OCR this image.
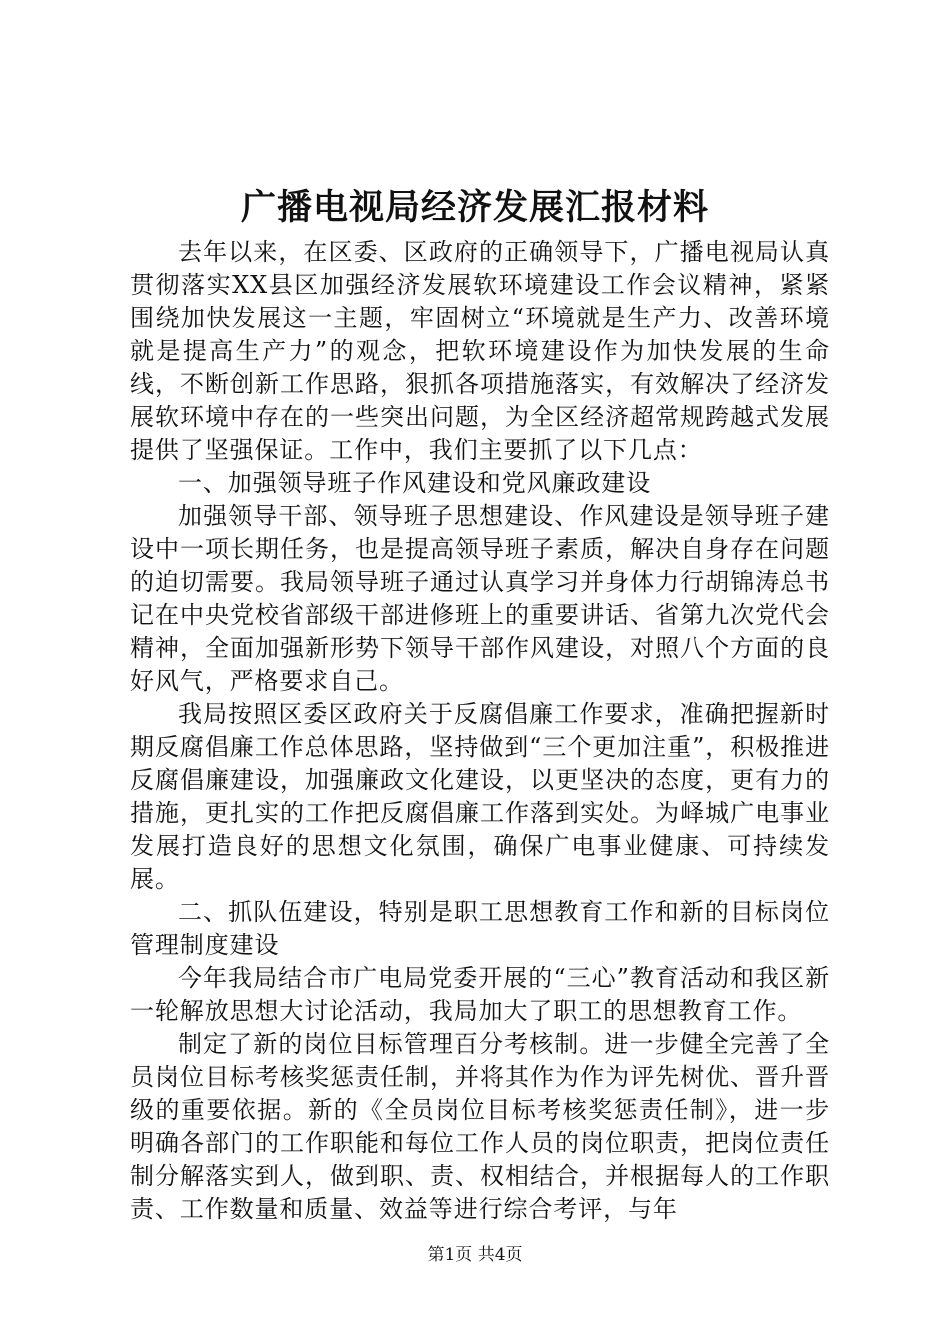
广播电视局经济发展汇报材料

去年以来，在区委、区政府的正确领导下，广播电视局认真贯彻落实XX县区加强经济发展软环境建设工作会议精神，紧紧围绕加快发展这一主题，牢固树立“环境就是生产力、改善环境就是提高生产力”的观念，把软环境建设作为加快发展的生命线，不断创新工作思路，狠抓各项措施落实，有效解决了经济发展软环境中存在的一些突出问题，为全区经济超常规跨越式发展提供了坚强保证。工作中，我们主要抓了以下几点：

一、加强领导班子作风建设和党风廉政建设

加强领导干部、领导班子思想建设、作风建设是领导班子建设中一项长期任务，也是提高领导班子素质，解决自身存在问题的迫切需要。我局领导班子通过认真学习并身体力行胡锦涛总书记在中央党校省部级干部进修班上的重要讲话、省第九次党代会精神，全面加强新形势下领导干部作风建设，对照八个方面的良好风气，严格要求自己。

我局按照区委区政府关于反腐倡廉工作要求，准确把握新时期反腐倡廉工作总体思路，坚持做到“三个更加注重”，积极推进反腐倡廉建设，加强廉政文化建设，以更坚决的态度，更有力的措施，更扎实的工作把反腐倡廉工作落到实处。为峄城广电事业发展打造良好的思想文化氛围，确保广电事业健康、可持续发展。

二、抓队伍建设，特别是职工思想教育工作和新的目标岗位管理制度建设

今年我局结合市广电局党委开展的“三心”教育活动和我区新一轮解放思想大讨论活动，我局加大了职工的思想教育工作。

制定了新的岗位目标管理百分考核制。进一步健全完善了全员岗位目标考核奖惩责任制，并将其作为作为评先树优、晋升晋级的重要依据。新的《全员岗位目标考核奖惩责任制》，进一步明确各部门的工作职能和每位工作人员的岗位职责，把岗位责任制分解落实到人，做到职、责、权相结合，并根据每人的工作职责、工作数量和质量、效益等进行综合考评，与年

第1页 共4页
